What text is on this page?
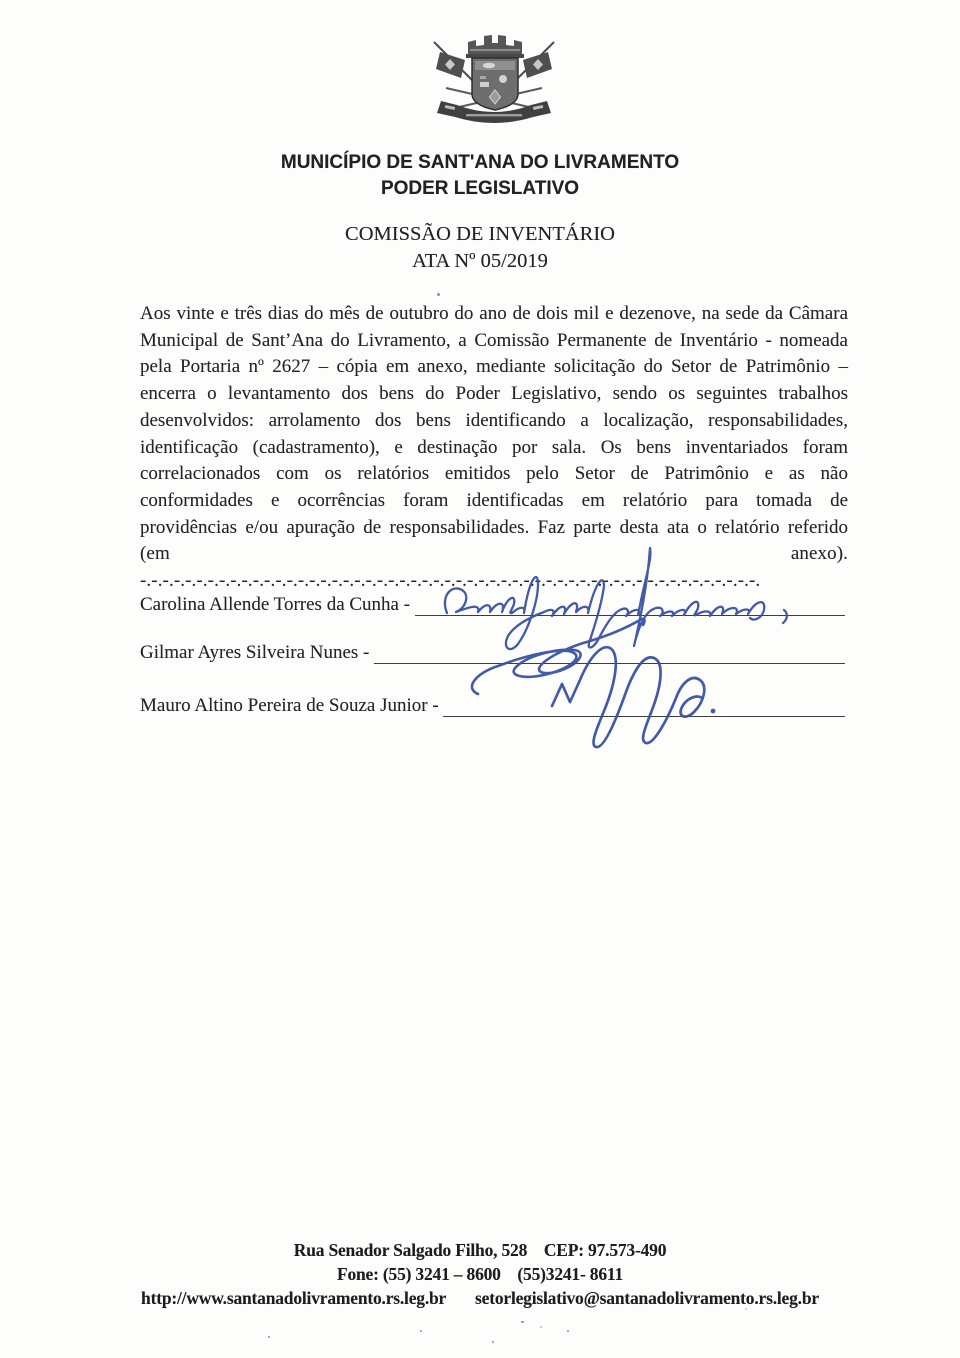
MUNICÍPIO DE SANT'ANA DO LIVRAMENTO
PODER LEGISLATIVO
COMISSÃO DE INVENTÁRIO
ATA Nº 05/2019
Aos vinte e três dias do mês de outubro do ano de dois mil e dezenove, na sede da Câmara
Municipal de Sant’Ana do Livramento, a Comissão Permanente de Inventário - nomeada
pela Portaria nº 2627 – cópia em anexo, mediante solicitação do Setor de Patrimônio –
encerra o levantamento dos bens do Poder Legislativo, sendo os seguintes trabalhos
desenvolvidos: arrolamento dos bens identificando a localização, responsabilidades,
identificação (cadastramento), e destinação por sala. Os bens inventariados foram
correlacionados com os relatórios emitidos pelo Setor de Patrimônio e as não
conformidades e ocorrências foram identificadas em relatório para tomada de
providências e/ou apuração de responsabilidades. Faz parte desta ata o relatório referido
(em anexo). -.-.-.-.-.-.-.-.-.-.-.-.-.-.-.-.-.-.-.-.-.-.-.-.-.-.-.-.-.-.-.-.-.-.-.-.-.-.-.-.-.-.-.-.-.-.-.-.-.-.-.-.-.-.-.
Carolina Allende Torres da Cunha -
Gilmar Ayres Silveira Nunes -
Mauro Altino Pereira de Souza Junior -
Rua Senador Salgado Filho, 528    CEP: 97.573-490
Fone: (55) 3241 – 8600    (55)3241- 8611
http://www.santanadolivramento.rs.leg.br       setorlegislativo@santanadolivramento.rs.leg.br
